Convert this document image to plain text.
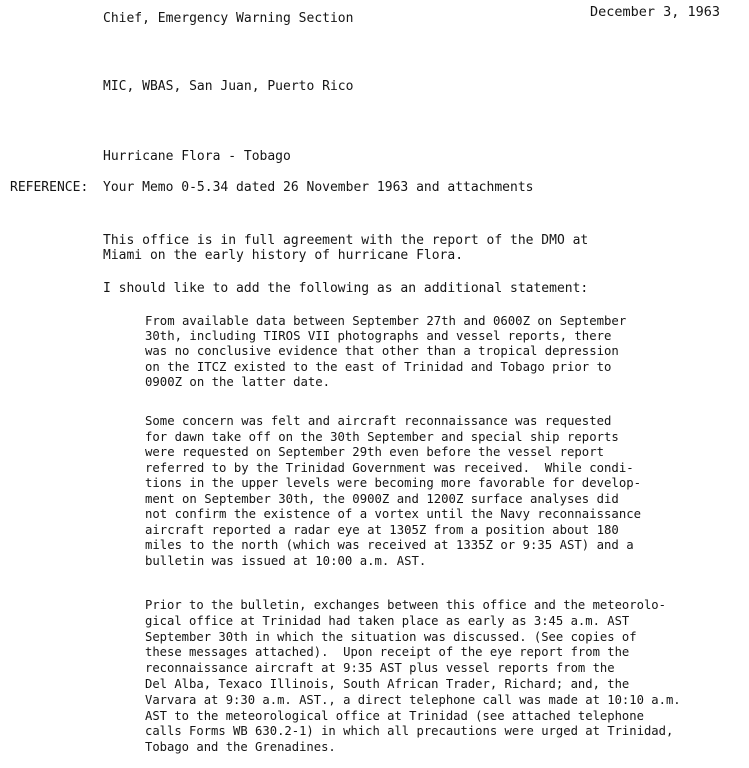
Chief, Emergency Warning Section	December 3, 1963
MIC, WBAS, San Juan, Puerto Rico
Hurricane Flora - Tobago
REFERENCE: Your Memo 0-5.34 dated 26 November 1963 and attachments
This office is in full agreement with the report of the DMO at
Miami on the early history of hurricane Flora.
I should like to add the following as an additional statement:
From available data between September 27th and 0600Z on September
30th, including TIROS VII photographs and vessel reports, there
was no conclusive evidence that other than a tropical depression
on the ITCZ existed to the east of Trinidad and Tobago prior to
0900Z on the latter date.
Some concern was felt and aircraft reconnaissance was requested
for dawn take off on the 30th September and special ship reports
were requested on September 29th even before the vessel report
referred to by the Trinidad Government was received.  While condi-
tions in the upper levels were becoming more favorable for develop-
ment on September 30th, the 0900Z and 1200Z surface analyses did
not confirm the existence of a vortex until the Navy reconnaissance
aircraft reported a radar eye at 1305Z from a position about 180
miles to the north (which was received at 1335Z or 9:35 AST) and a
bulletin was issued at 10:00 a.m. AST.
Prior to the bulletin, exchanges between this office and the meteorolo-
gical office at Trinidad had taken place as early as 3:45 a.m. AST
September 30th in which the situation was discussed. (See copies of
these messages attached).  Upon receipt of the eye report from the
reconnaissance aircraft at 9:35 AST plus vessel reports from the
Del Alba, Texaco Illinois, South African Trader, Richard; and, the
Varvara at 9:30 a.m. AST., a direct telephone call was made at 10:10 a.m.
AST to the meteorological office at Trinidad (see attached telephone
calls Forms WB 630.2-1) in which all precautions were urged at Trinidad,
Tobago and the Grenadines.
